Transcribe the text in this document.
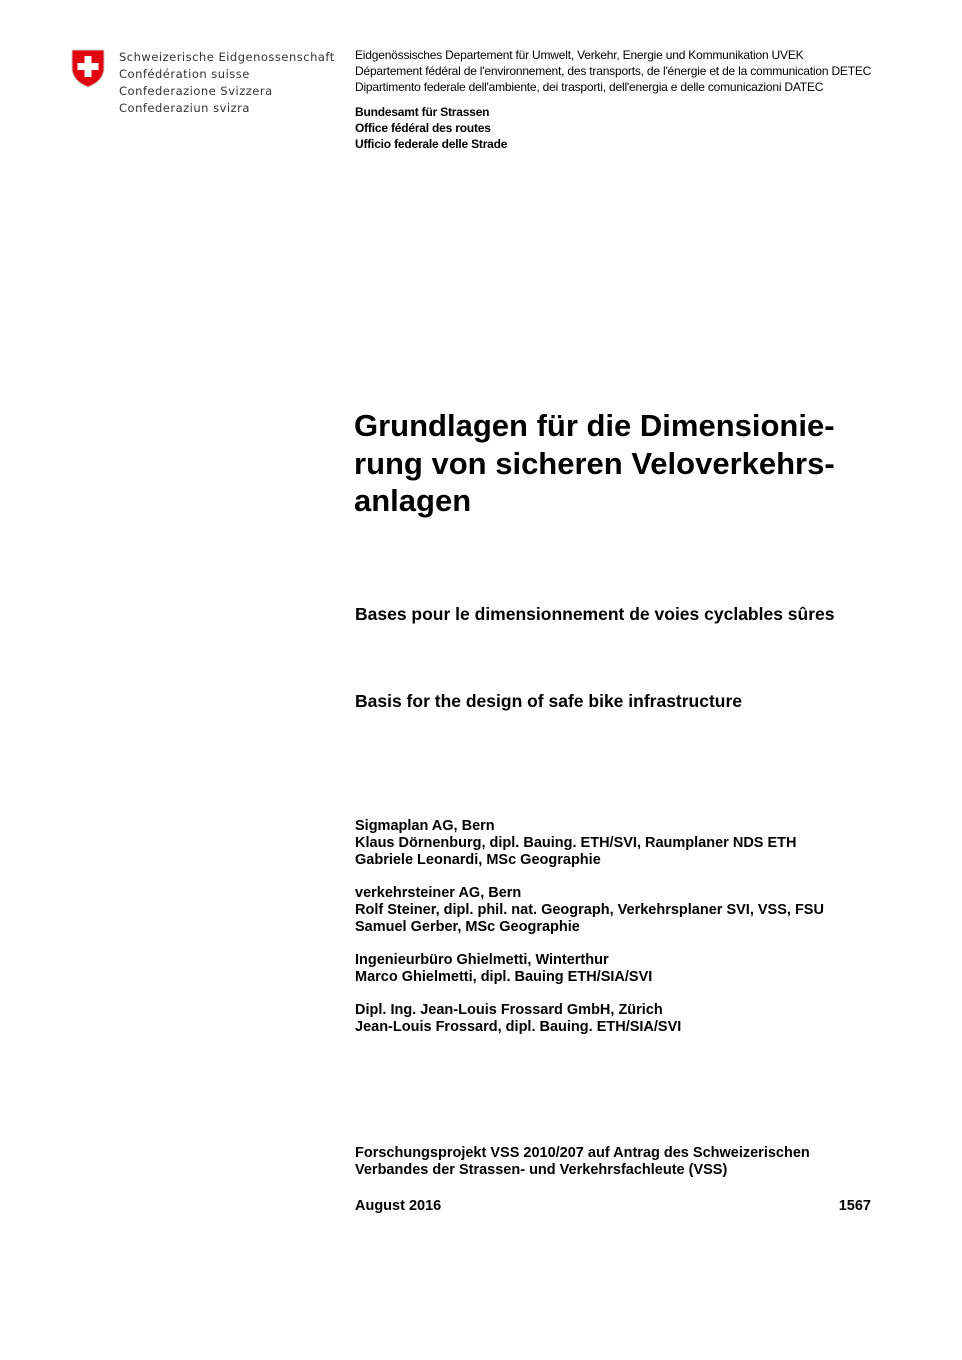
Schweizerische Eidgenossenschaft
Confédération suisse
Confederazione Svizzera
Confederaziun svizra
Eidgenössisches Departement für Umwelt, Verkehr, Energie und Kommunikation UVEK
Département fédéral de l'environnement, des transports, de l'énergie et de la communication DETEC
Dipartimento federale dell'ambiente, dei trasporti, dell'energia e delle comunicazioni DATEC
Bundesamt für Strassen
Office fédéral des routes
Ufficio federale delle Strade
Grundlagen für die Dimensionie-
rung von sicheren Veloverkehrs-
anlagen
Bases pour le dimensionnement de voies cyclables sûres
Basis for the design of safe bike infrastructure
Sigmaplan AG, Bern
Klaus Dörnenburg, dipl. Bauing. ETH/SVI, Raumplaner NDS ETH
Gabriele Leonardi, MSc Geographie
verkehrsteiner AG, Bern
Rolf Steiner, dipl. phil. nat. Geograph, Verkehrsplaner SVI, VSS, FSU
Samuel Gerber, MSc Geographie
Ingenieurbüro Ghielmetti, Winterthur
Marco Ghielmetti, dipl. Bauing ETH/SIA/SVI
Dipl. Ing. Jean-Louis Frossard GmbH, Zürich
Jean-Louis Frossard, dipl. Bauing. ETH/SIA/SVI
Forschungsprojekt VSS 2010/207 auf Antrag des Schweizerischen
Verbandes der Strassen- und Verkehrsfachleute (VSS)
August 2016	1567
